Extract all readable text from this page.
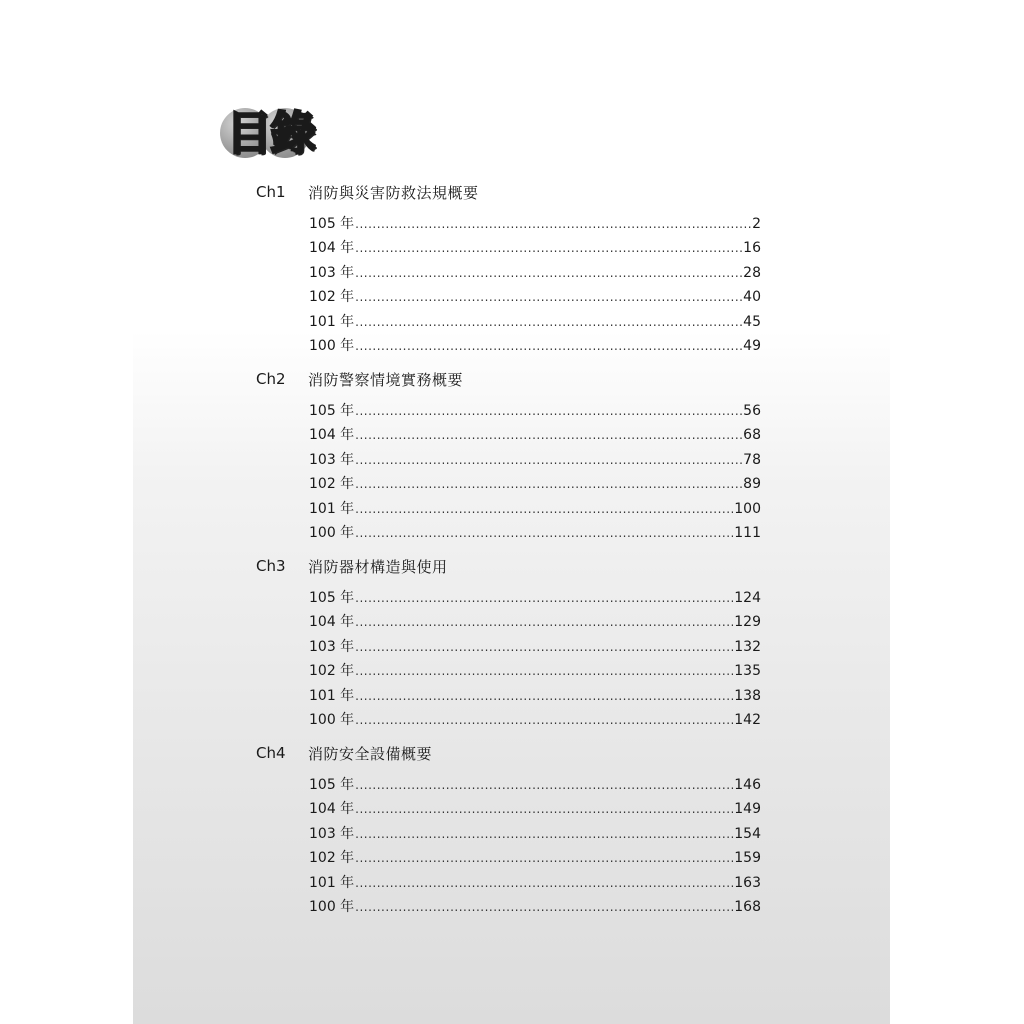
目錄
Ch1	消防與災害防救法規概要
105 年 .....	2
104 年 .....	16
103 年 .....	28
102 年 .....	40
101 年 .....	45
100 年 .....	49
Ch2	消防警察情境實務概要
105 年 .....	56
104 年 .....	68
103 年 .....	78
102 年 .....	89
101 年 .....	100
100 年 .....	111
Ch3	消防器材構造與使用
105 年 .....	124
104 年 .....	129
103 年 .....	132
102 年 .....	135
101 年 .....	138
100 年 .....	142
Ch4	消防安全設備概要
105 年 .....	146
104 年 .....	149
103 年 .....	154
102 年 .....	159
101 年 .....	163
100 年 .....	168
